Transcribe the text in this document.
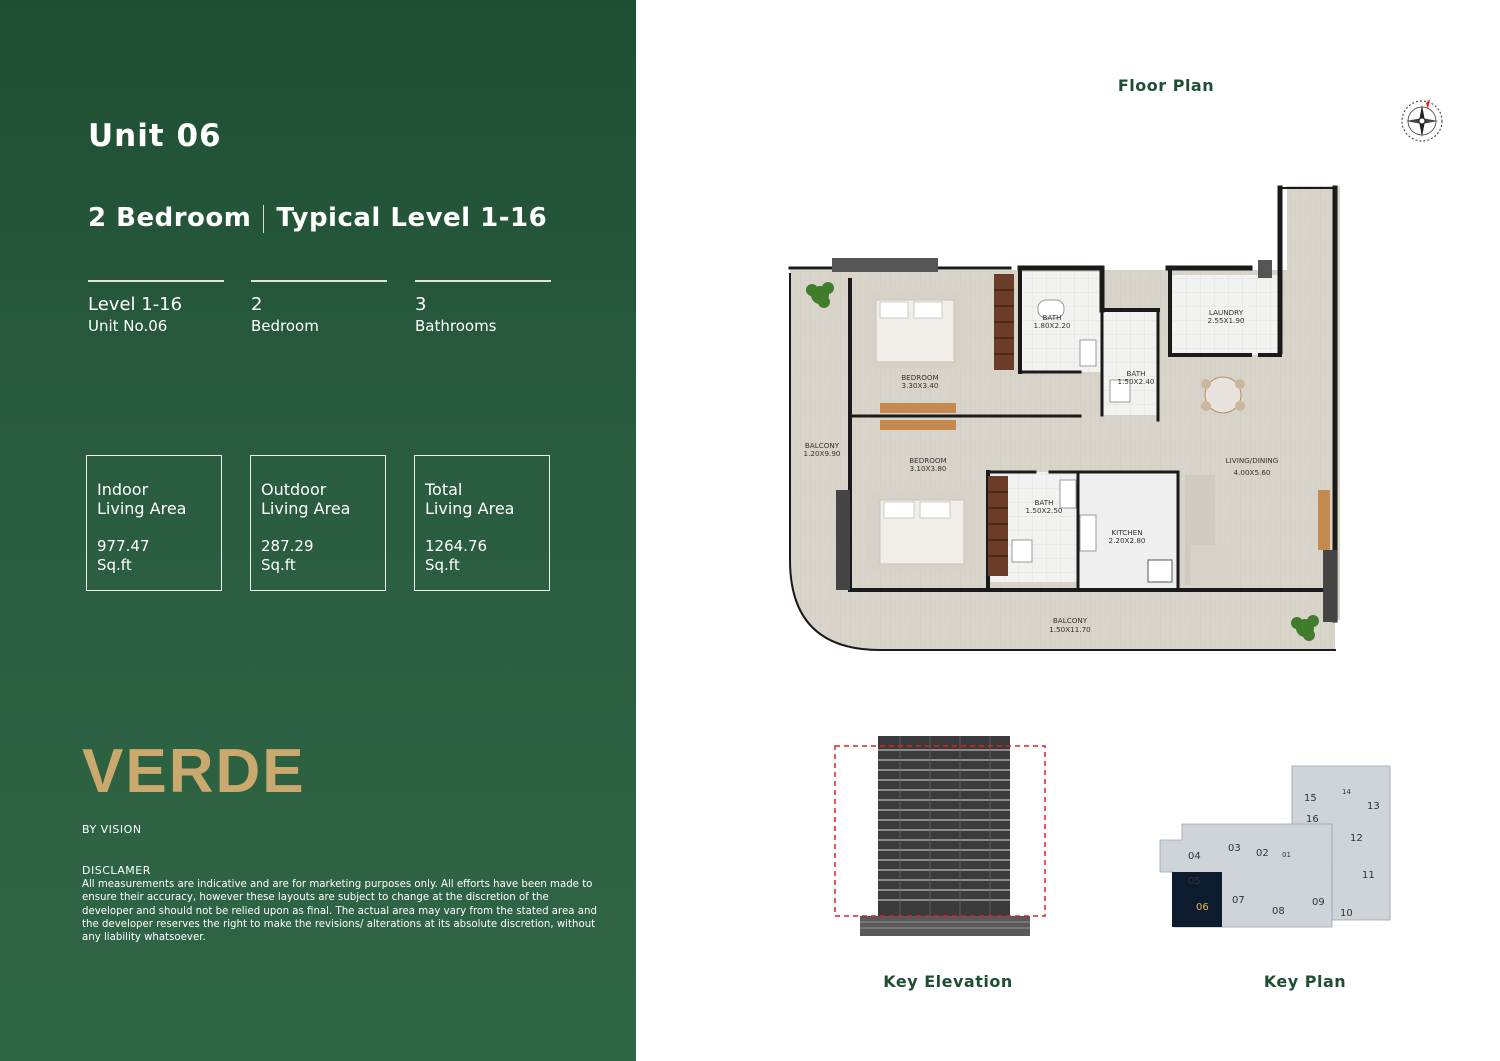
Unit 06
2 Bedroom Typical Level 1-16
Level 1-16
Unit No.06
2
Bedroom
3
Bathrooms
Indoor
Living Area
977.47
Sq.ft
Outdoor
Living Area
287.29
Sq.ft
Total
Living Area
1264.76
Sq.ft
VERDE
BY VISION
DISCLAMER
All measurements are indicative and are for marketing purposes only. All efforts have been made to ensure their accuracy, however these layouts are subject to change at the discretion of the developer and should not be relied upon as final. The actual area may vary from the stated area and the developer reserves the right to make the revisions/ alterations at its absolute discretion, without any liability whatsoever.
Floor Plan
BEDROOM
3.30X3.40
BATH
1.80X2.20
BATH
1.50X2.40
LAUNDRY
2.55X1.90
BALCONY
1.20X9.90
BEDROOM
3.10X3.80
BATH
1.50X2.50
KITCHEN
2.20X2.80
LIVING/DINING
4.00X5.60
BALCONY
1.50X11.70
15
14
13
16
12
04
03 02 01
11
05
06
07
08
09
10
Key Elevation	Key Plan
